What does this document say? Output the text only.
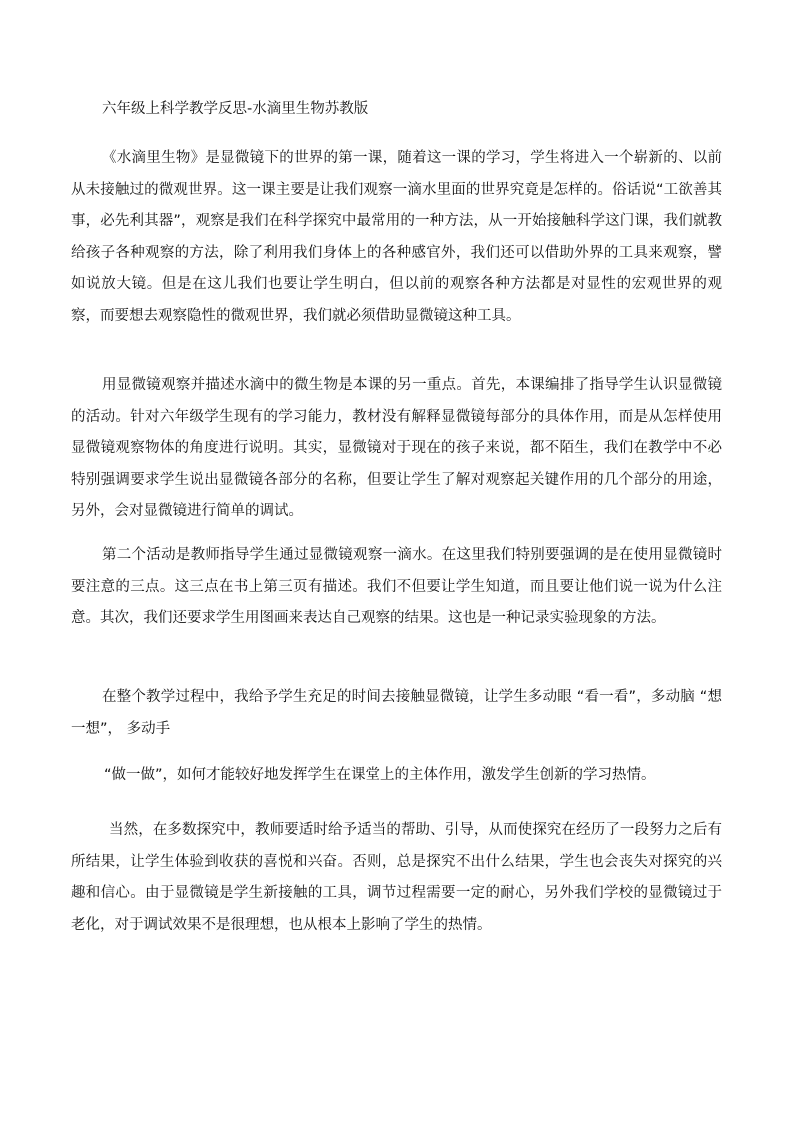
六年级上科学教学反思-水滴里生物苏教版

《水滴里生物》是显微镜下的世界的第一课，随着这一课的学习，学生将进入一个崭新的、以前从未接触过的微观世界。这一课主要是让我们观察一滴水里面的世界究竟是怎样的。俗话说“工欲善其事，必先利其器”，观察是我们在科学探究中最常用的一种方法，从一开始接触科学这门课，我们就教给孩子各种观察的方法，除了利用我们身体上的各种感官外，我们还可以借助外界的工具来观察，譬如说放大镜。但是在这儿我们也要让学生明白，但以前的观察各种方法都是对显性的宏观世界的观察，而要想去观察隐性的微观世界，我们就必须借助显微镜这种工具。

用显微镜观察并描述水滴中的微生物是本课的另一重点。首先，本课编排了指导学生认识显微镜的活动。针对六年级学生现有的学习能力，教材没有解释显微镜每部分的具体作用，而是从怎样使用显微镜观察物体的角度进行说明。其实，显微镜对于现在的孩子来说，都不陌生，我们在教学中不必特别强调要求学生说出显微镜各部分的名称，但要让学生了解对观察起关键作用的几个部分的用途，另外，会对显微镜进行简单的调试。

第二个活动是教师指导学生通过显微镜观察一滴水。在这里我们特别要强调的是在使用显微镜时要注意的三点。这三点在书上第三页有描述。我们不但要让学生知道，而且要让他们说一说为什么注意。其次，我们还要求学生用图画来表达自己观察的结果。这也是一种记录实验现象的方法。

在整个教学过程中，我给予学生充足的时间去接触显微镜，让学生多动眼 “看一看”，多动脑 “想一想”， 多动手

“做一做”，如何才能较好地发挥学生在课堂上的主体作用，激发学生创新的学习热情。

当然，在多数探究中，教师要适时给予适当的帮助、引导，从而使探究在经历了一段努力之后有所结果，让学生体验到收获的喜悦和兴奋。否则，总是探究不出什么结果，学生也会丧失对探究的兴趣和信心。由于显微镜是学生新接触的工具，调节过程需要一定的耐心，另外我们学校的显微镜过于老化，对于调试效果不是很理想，也从根本上影响了学生的热情。
